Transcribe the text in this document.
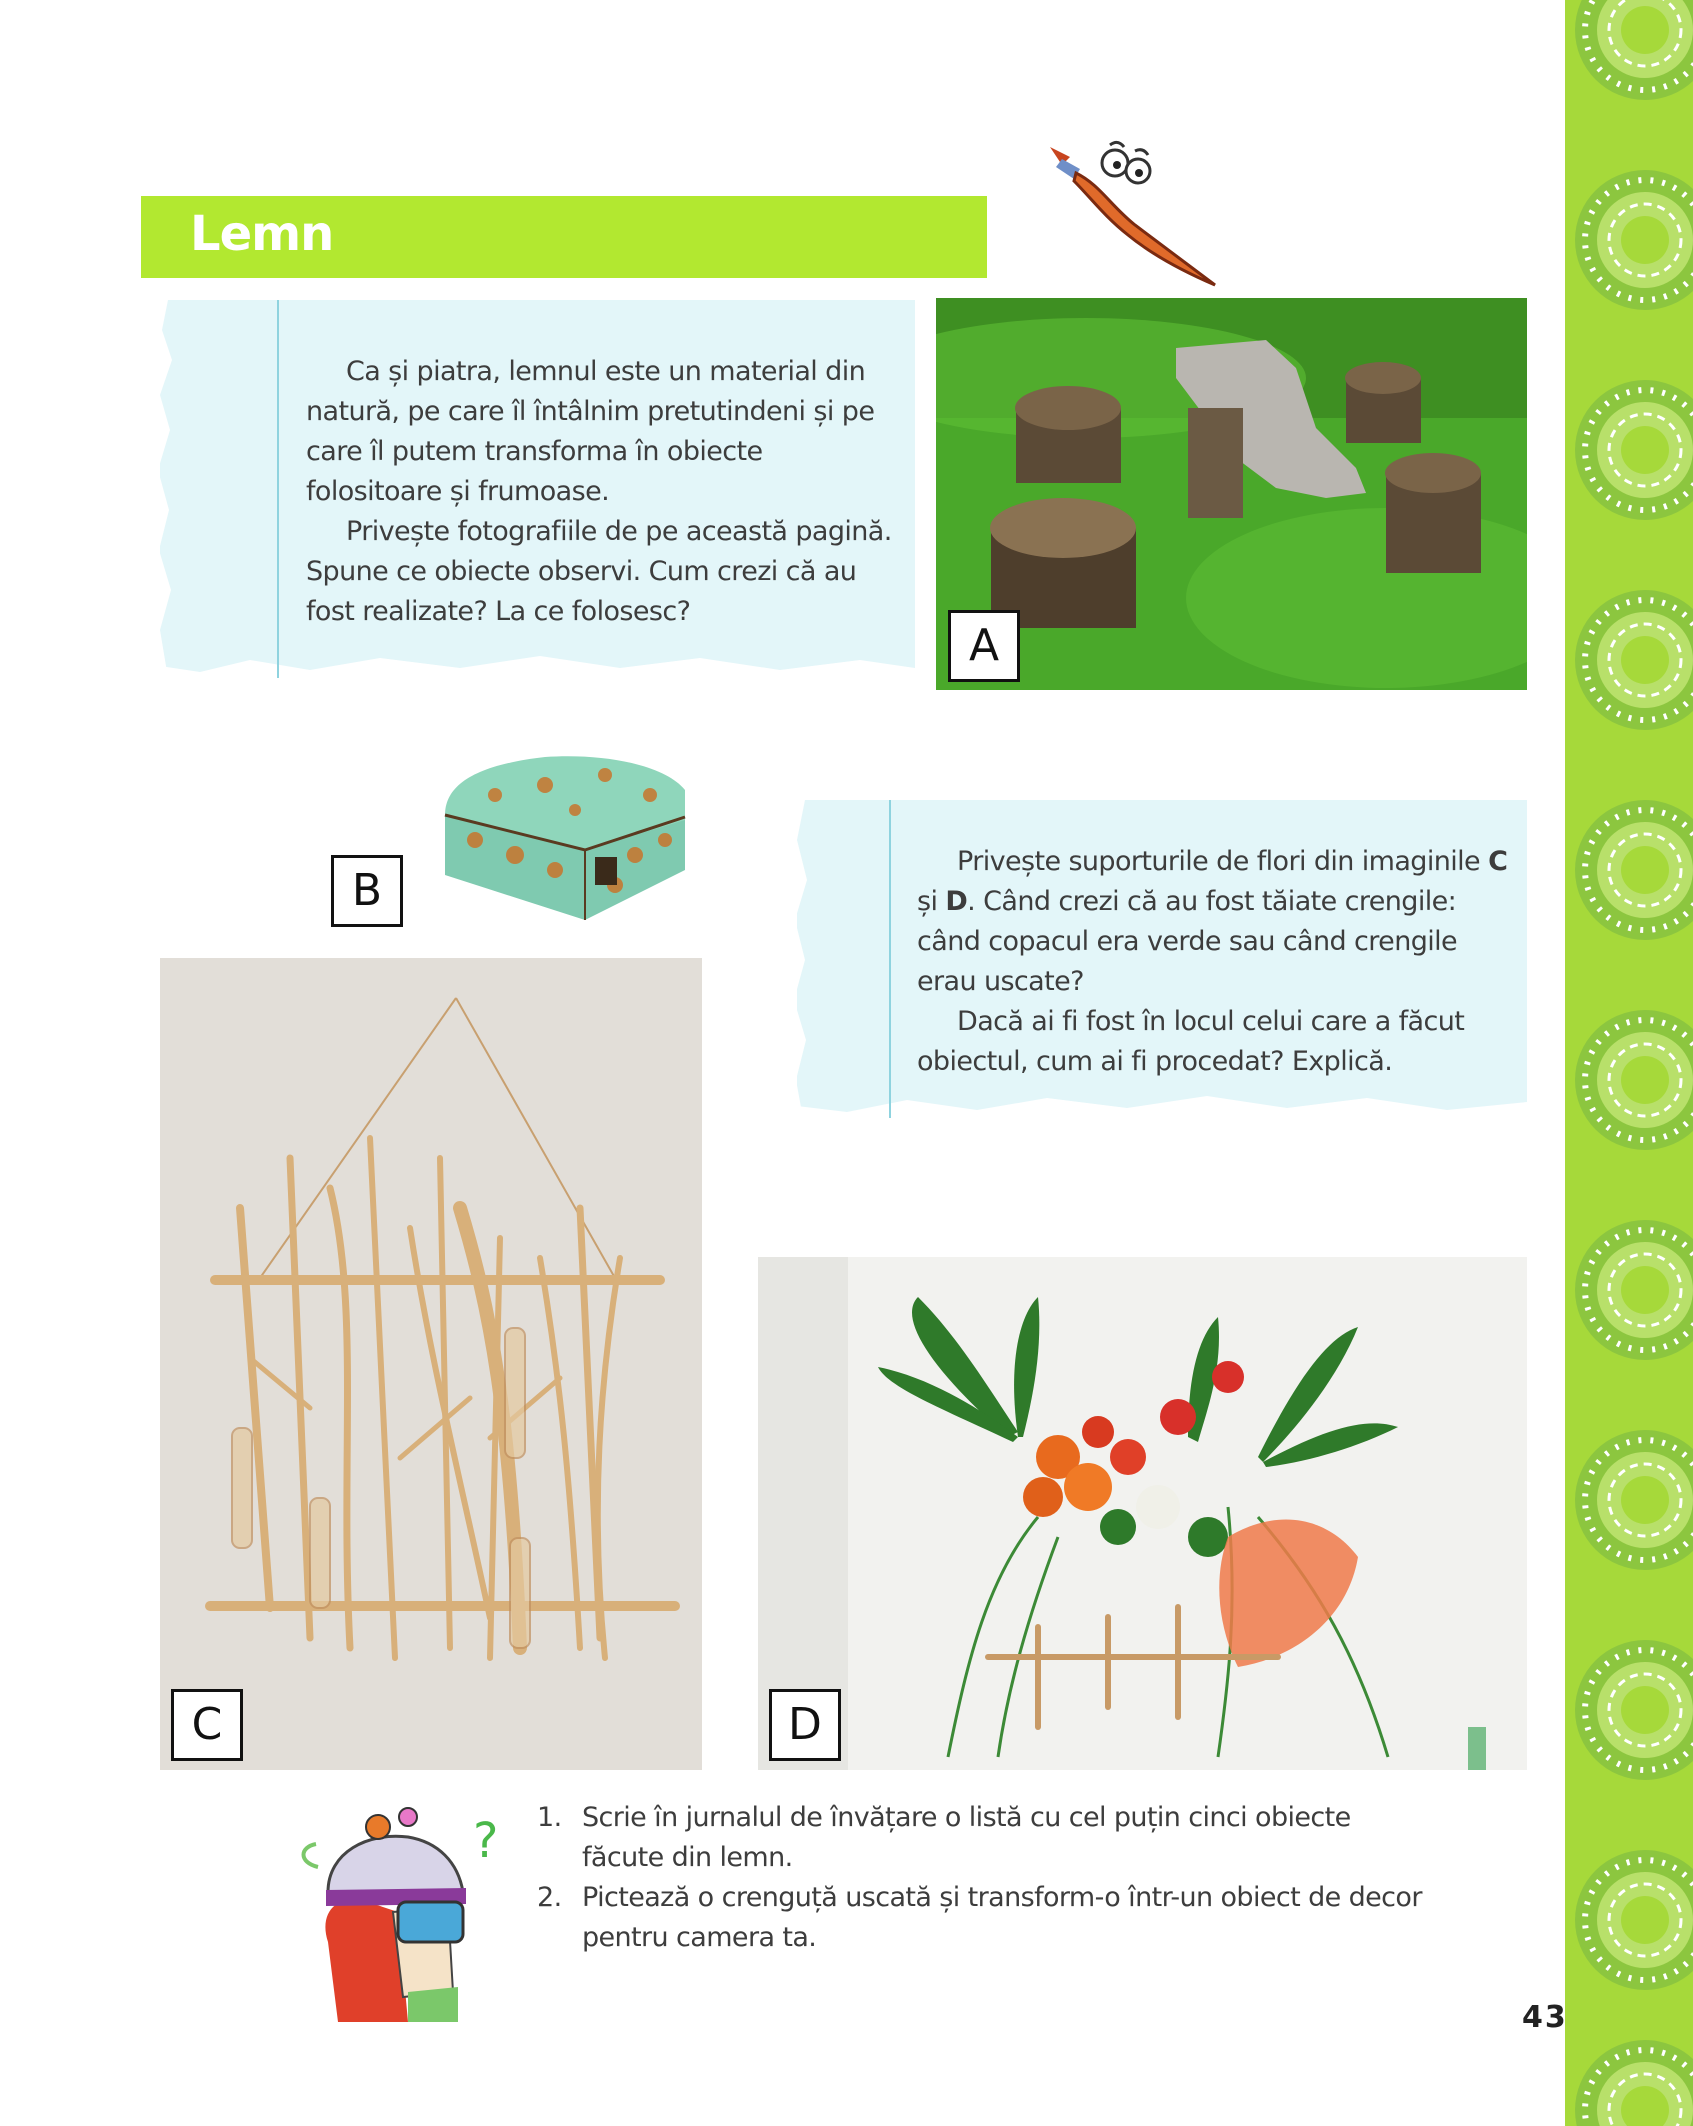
Lemn

Ca și piatra, lemnul este un material din natură, pe care îl întâlnim pretutindeni și pe care îl putem transforma în obiecte folositoare și frumoase.

Privește fotografiile de pe această pagină. Spune ce obiecte observi. Cum crezi că au fost realizate? La ce folosesc?

A
B

Privește suporturile de flori din imaginile C și D. Când crezi că au fost tăiate crengile: când copacul era verde sau când crengile erau uscate?

Dacă ai fi fost în locul celui care a făcut obiectul, cum ai fi procedat? Explică.

C	D
? 1. Scrie în jurnalul de învățare o listă cu cel puțin cinci obiecte făcute din lemn.
2. Pictează o crenguță uscată și transform-o într-un obiect de decor pentru camera ta.
43
